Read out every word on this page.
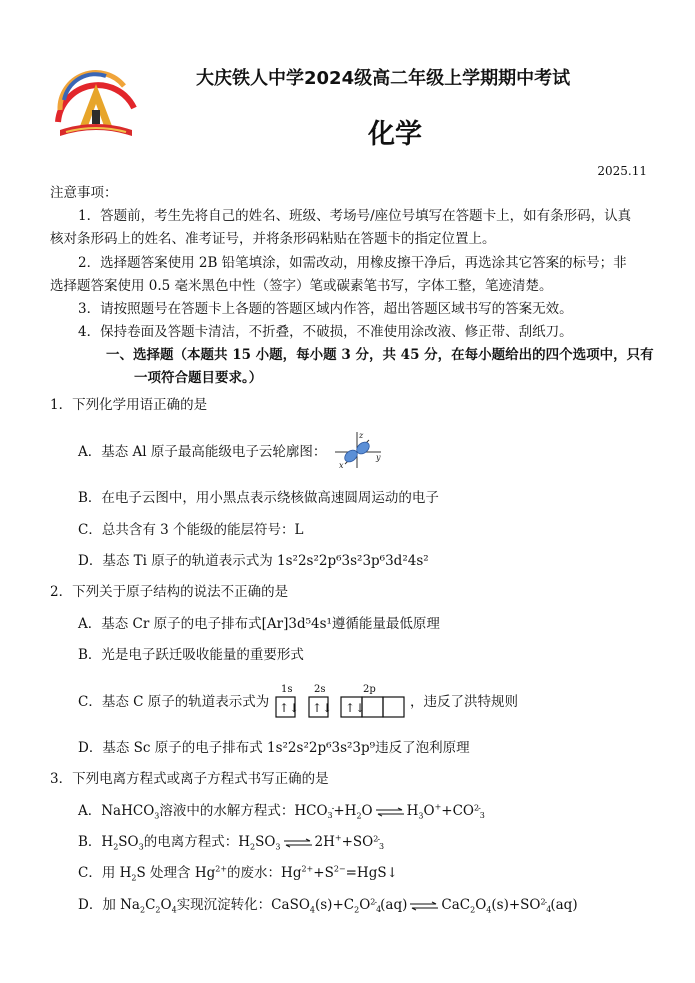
大庆铁人中学2024级高二年级上学期期中考试
化学
2025.11
注意事项：
1．答题前，考生先将自己的姓名、班级、考场号/座位号填写在答题卡上，如有条形码，认真
核对条形码上的姓名、准考证号，并将条形码粘贴在答题卡的指定位置上。
2．选择题答案使用 2B 铅笔填涂，如需改动，用橡皮擦干净后，再选涂其它答案的标号；非
选择题答案使用 0.5 毫米黑色中性（签字）笔或碳素笔书写，字体工整，笔迹清楚。
3．请按照题号在答题卡上各题的答题区域内作答，超出答题区域书写的答案无效。
4．保持卷面及答题卡清洁，不折叠，不破损，不准使用涂改液、修正带、刮纸刀。
一、选择题（本题共 15 小题，每小题 3 分，共 45 分，在每小题给出的四个选项中，只有
一项符合题目要求。）
1．下列化学用语正确的是
A．基态 Al 原子最高能级电子云轮廓图：
z
x
y
B．在电子云图中，用小黑点表示绕核做高速圆周运动的电子
C．总共含有 3 个能级的能层符号：L
D．基态 Ti 原子的轨道表示式为 1s²2s²2p⁶3s²3p⁶3d²4s²
2．下列关于原子结构的说法不正确的是
A．基态 Cr 原子的电子排布式[Ar]3d⁵4s¹遵循能量最低原理
B．光是电子跃迁吸收能量的重要形式
C．基态 C 原子的轨道表示式为
1s 2s	2p
↑↓ ↑↓ ↑↓	，违反了洪特规则
D．基态 Sc 原子的电子排布式 1s²2s²2p⁶3s²3p⁹违反了泡利原理
3．下列电离方程式或离子方程式书写正确的是
A．NaHCO$_3$溶液中的水解方程式：$HCO_3^-+H_2O$ ⇌ $H_3O^++CO^{2-}_3$
B．$H_2SO_3$的电离方程式：$H_2SO_3$ ⇌ $2H^++SO^{2-}_3$
C．用 $H_2S$ 处理含 $Hg^{2+}$的废水：$Hg^{2+}+S^{2-}=HgS↓$
D．加 $Na_2C_2O_4$实现沉淀转化：$CaSO_4(s)+C_2O^{2-}_4(aq)$ ⇌ $CaC_2O_4(s)+SO^{2-}_4(aq)$
